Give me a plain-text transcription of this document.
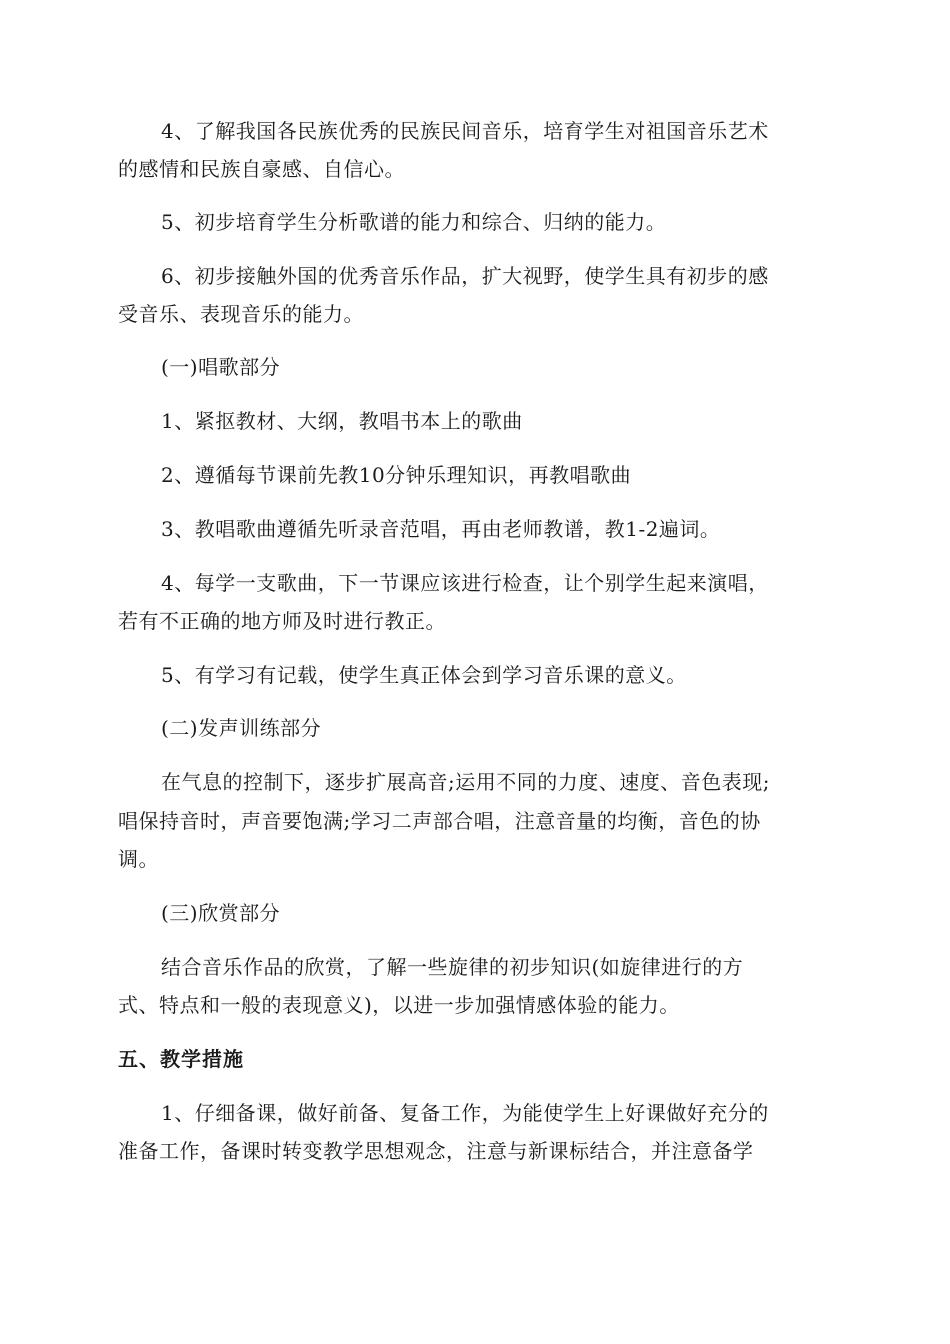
4、了解我国各民族优秀的民族民间音乐，培育学生对祖国音乐艺术
的感情和民族自豪感、自信心。
5、初步培育学生分析歌谱的能力和综合、归纳的能力。
6、初步接触外国的优秀音乐作品，扩大视野，使学生具有初步的感
受音乐、表现音乐的能力。
(一)唱歌部分
1、紧抠教材、大纲，教唱书本上的歌曲
2、遵循每节课前先教10分钟乐理知识，再教唱歌曲
3、教唱歌曲遵循先听录音范唱，再由老师教谱，教1-2遍词。
4、每学一支歌曲，下一节课应该进行检查，让个别学生起来演唱，
若有不正确的地方师及时进行教正。
5、有学习有记载，使学生真正体会到学习音乐课的意义。
(二)发声训练部分
在气息的控制下，逐步扩展高音;运用不同的力度、速度、音色表现;
唱保持音时，声音要饱满;学习二声部合唱，注意音量的均衡，音色的协
调。
(三)欣赏部分
结合音乐作品的欣赏，了解一些旋律的初步知识(如旋律进行的方
式、特点和一般的表现意义)，以进一步加强情感体验的能力。
五、教学措施
1、仔细备课，做好前备、复备工作，为能使学生上好课做好充分的
准备工作，备课时转变教学思想观念，注意与新课标结合，并注意备学
